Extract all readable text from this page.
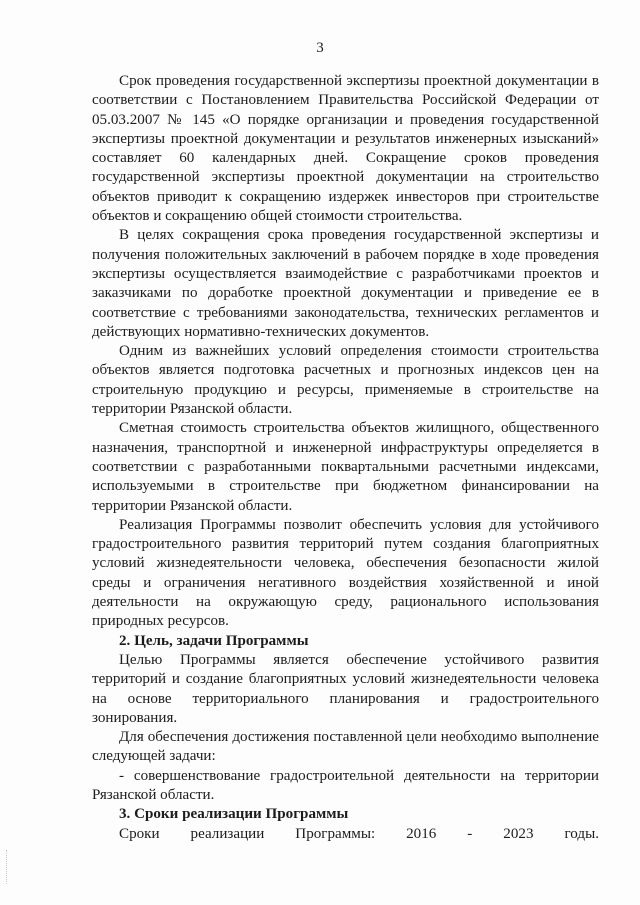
3

Срок проведения государственной экспертизы проектной документации в соответствии с Постановлением Правительства Российской Федерации от 05.03.2007 № 145 «О порядке организации и проведения государственной экспертизы проектной документации и результатов инженерных изысканий» составляет 60 календарных дней. Сокращение сроков проведения государственной экспертизы проектной документации на строительство объектов приводит к сокращению издержек инвесторов при строительстве объектов и сокращению общей стоимости строительства.

В целях сокращения срока проведения государственной экспертизы и получения положительных заключений в рабочем порядке в ходе проведения экспертизы осуществляется взаимодействие с разработчиками проектов и заказчиками по доработке проектной документации и приведение ее в соответствие с требованиями законодательства, технических регламентов и действующих нормативно-технических документов.

Одним из важнейших условий определения стоимости строительства объектов является подготовка расчетных и прогнозных индексов цен на строительную продукцию и ресурсы, применяемые в строительстве на территории Рязанской области.

Сметная стоимость строительства объектов жилищного, общественного назначения, транспортной и инженерной инфраструктуры определяется в соответствии с разработанными поквартальными расчетными индексами, используемыми в строительстве при бюджетном финансировании на территории Рязанской области.

Реализация Программы позволит обеспечить условия для устойчивого градостроительного развития территорий путем создания благоприятных условий жизнедеятельности человека, обеспечения безопасности жилой среды и ограничения негативного воздействия хозяйственной и иной деятельности на окружающую среду, рационального использования природных ресурсов.

2. Цель, задачи Программы

Целью Программы является обеспечение устойчивого развития территорий и создание благоприятных условий жизнедеятельности человека на основе территориального планирования и градостроительного зонирования.

Для обеспечения достижения поставленной цели необходимо выполнение следующей задачи:

- совершенствование градостроительной деятельности на территории Рязанской области.

3. Сроки реализации Программы

Сроки реализации Программы: 2016 - 2023 годы.
